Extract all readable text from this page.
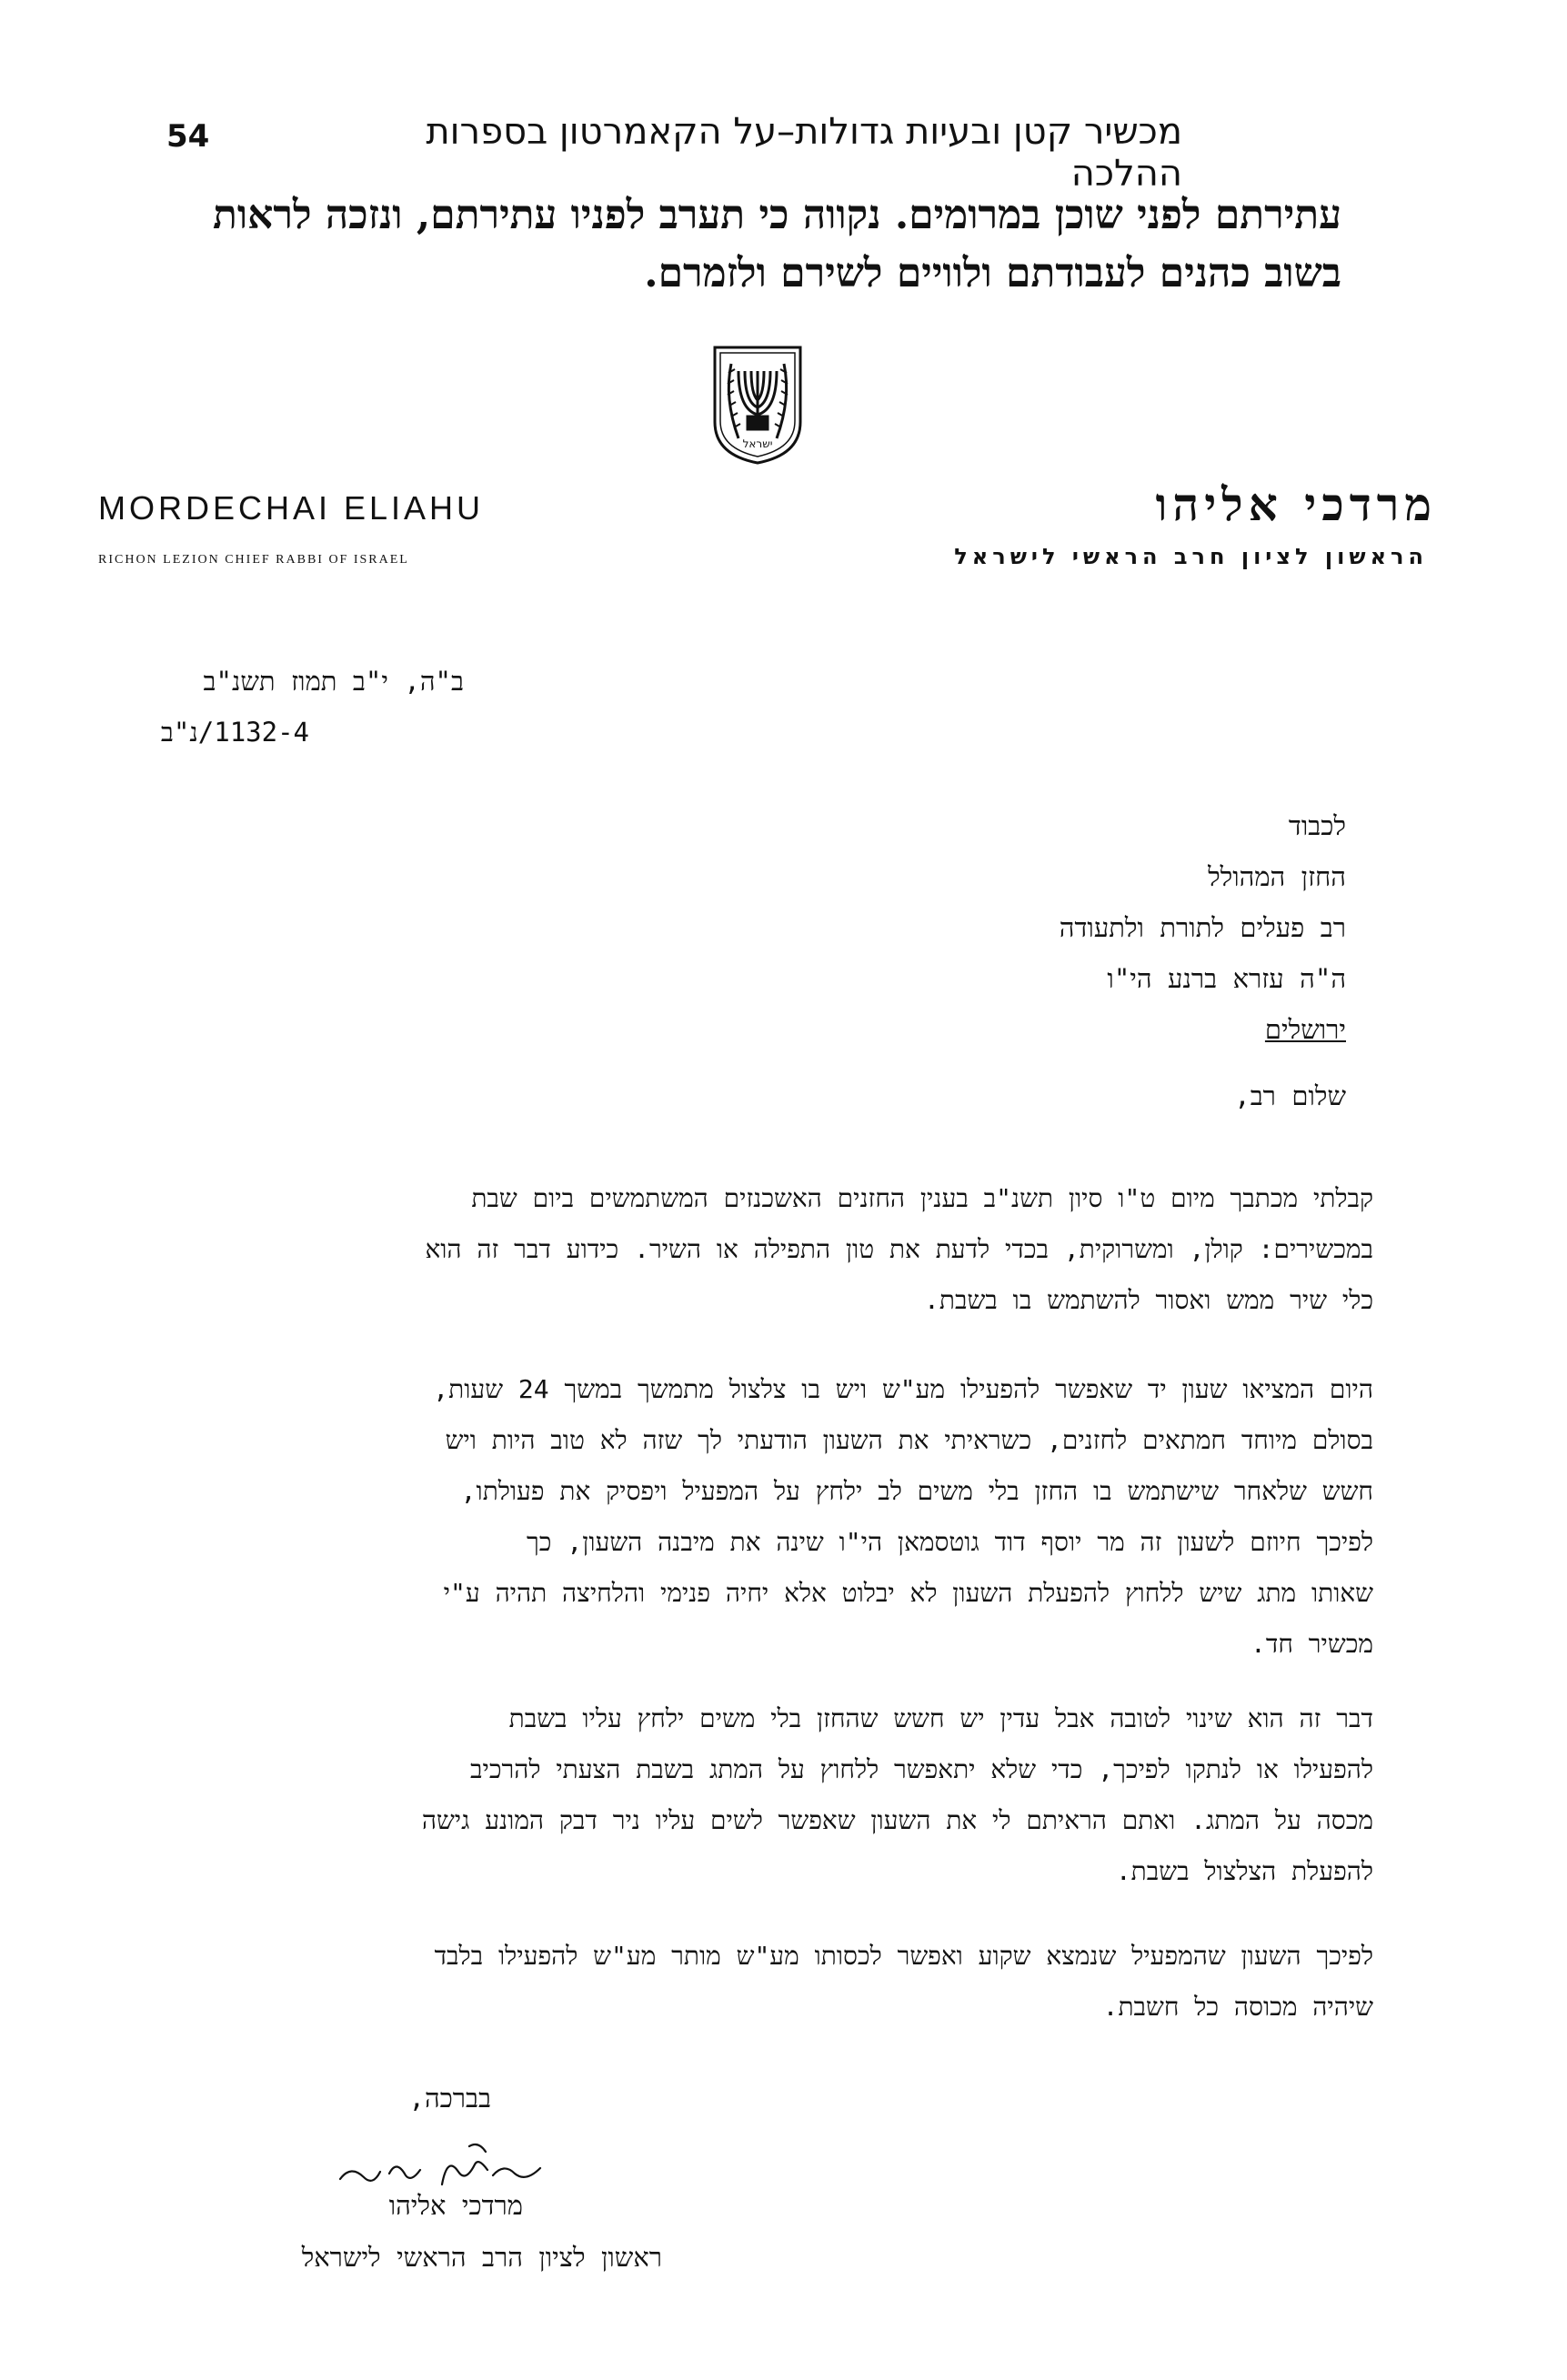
54	מכשיר קטן ובעיות גדולות–על הקאמרטון בספרות ההלכה
עתירתם לפני שוכן במרומים. נקווה כי תערב לפניו עתירתם, ונזכה לראות
בשוב כהנים לעבודתם ולוויים לשירם ולזמרם.
ישראל
MORDECHAI ELIAHU
RICHON LEZION CHIEF RABBI OF ISRAEL
מרדכי אליהו
הראשון לציון חרב הראשי לישראל
ב"ה, י"ב תמוז תשנ"ב
1132-4/נ"ב
לכבוד
החזן המהולל
רב פעלים לתורת ולתעודה
ה"ה עזרא ברנע הי"ו
ירושלים
שלום רב,
קבלתי מכתבך מיום ט"ו סיון תשנ"ב בענין החזנים האשכנזים המשתמשים ביום שבת
במכשירים: קולן, ומשרוקית, בכדי לדעת את טון התפילה או השיר. כידוע דבר זה הוא
כלי שיר ממש ואסור להשתמש בו בשבת.
היום המציאו שעון יד שאפשר להפעילו מע"ש ויש בו צלצול מתמשך במשך 24 שעות,
בסולם מיוחד חמתאים לחזנים, כשראיתי את השעון הודעתי לך שזה לא טוב היות ויש
חשש שלאחר שישתמש בו החזן בלי משים לב ילחץ על המפעיל ויפסיק את פעולתו,
לפיכך חיוזם לשעון זה מר יוסף דוד גוטסמאן הי"ו שינה את מיבנה השעון, כך
שאותו מתג שיש ללחוץ להפעלת השעון לא יבלוט אלא יחיה פנימי והלחיצה תהיה ע"י
מכשיר חד.
דבר זה הוא שינוי לטובה אבל עדין יש חשש שהחזן בלי משים ילחץ עליו בשבת
להפעילו או לנתקו לפיכך, כדי שלא יתאפשר ללחוץ על המתג בשבת הצעתי להרכיב
מכסה על המתג. ואתם הראיתם לי את השעון שאפשר לשים עליו ניר דבק המונע גישה
להפעלת הצלצול בשבת.
לפיכך השעון שהמפעיל שנמצא שקוע ואפשר לכסותו מע"ש מותר מע"ש להפעילו בלבד
שיהיה מכוסה כל חשבת.
בברכה,
מרדכי אליהו
ראשון לציון הרב הראשי לישראל
